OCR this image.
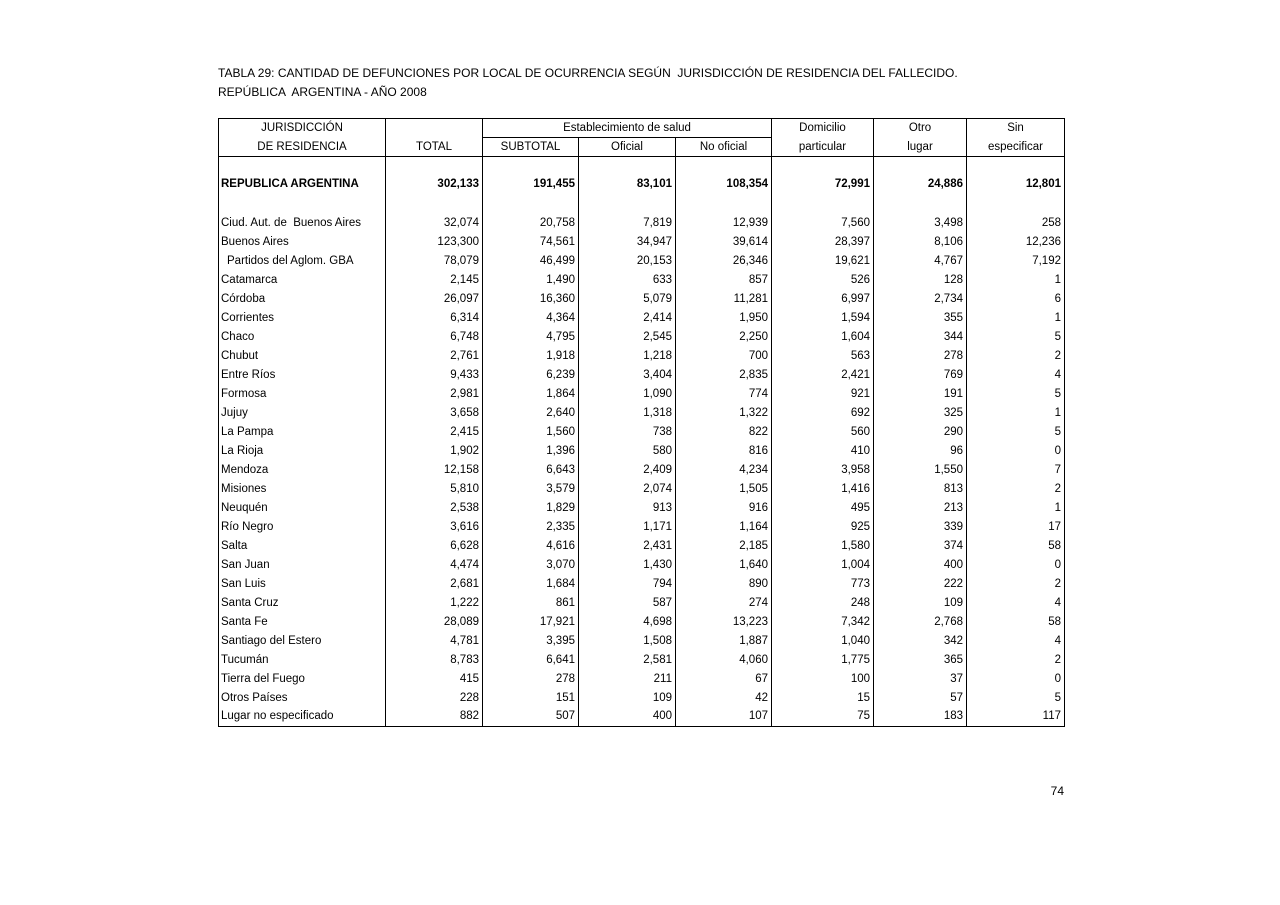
TABLA 29: CANTIDAD DE DEFUNCIONES POR LOCAL DE OCURRENCIA SEGÚN  JURISDICCIÓN DE RESIDENCIA DEL FALLECIDO.
REPÚBLICA  ARGENTINA - AÑO 2008
JURISDICCIÓN		Establecimiento de salud			Domicilio	Otro	Sin
DE RESIDENCIA	TOTAL	SUBTOTAL	Oficial	No oficial	particular	lugar	especificar
REPUBLICA ARGENTINA	302,133	191,455	83,101	108,354	72,991	24,886	12,801

Ciud. Aut. de  Buenos Aires	32,074	20,758	7,819	12,939	7,560	3,498	258
Buenos Aires	123,300	74,561	34,947	39,614	28,397	8,106	12,236
Partidos del Aglom. GBA	78,079	46,499	20,153	26,346	19,621	4,767	7,192
Catamarca	2,145	1,490	633	857	526	128	1
Córdoba	26,097	16,360	5,079	11,281	6,997	2,734	6
Corrientes	6,314	4,364	2,414	1,950	1,594	355	1
Chaco	6,748	4,795	2,545	2,250	1,604	344	5
Chubut	2,761	1,918	1,218	700	563	278	2
Entre Ríos	9,433	6,239	3,404	2,835	2,421	769	4
Formosa	2,981	1,864	1,090	774	921	191	5
Jujuy	3,658	2,640	1,318	1,322	692	325	1
La Pampa	2,415	1,560	738	822	560	290	5
La Rioja	1,902	1,396	580	816	410	96	0
Mendoza	12,158	6,643	2,409	4,234	3,958	1,550	7
Misiones	5,810	3,579	2,074	1,505	1,416	813	2
Neuquén	2,538	1,829	913	916	495	213	1
Río Negro	3,616	2,335	1,171	1,164	925	339	17
Salta	6,628	4,616	2,431	2,185	1,580	374	58
San Juan	4,474	3,070	1,430	1,640	1,004	400	0
San Luis	2,681	1,684	794	890	773	222	2
Santa Cruz	1,222	861	587	274	248	109	4
Santa Fe	28,089	17,921	4,698	13,223	7,342	2,768	58
Santiago del Estero	4,781	3,395	1,508	1,887	1,040	342	4
Tucumán	8,783	6,641	2,581	4,060	1,775	365	2
Tierra del Fuego	415	278	211	67	100	37	0
Otros Países	228	151	109	42	15	57	5
Lugar no especificado	882	507	400	107	75	183	117
74
